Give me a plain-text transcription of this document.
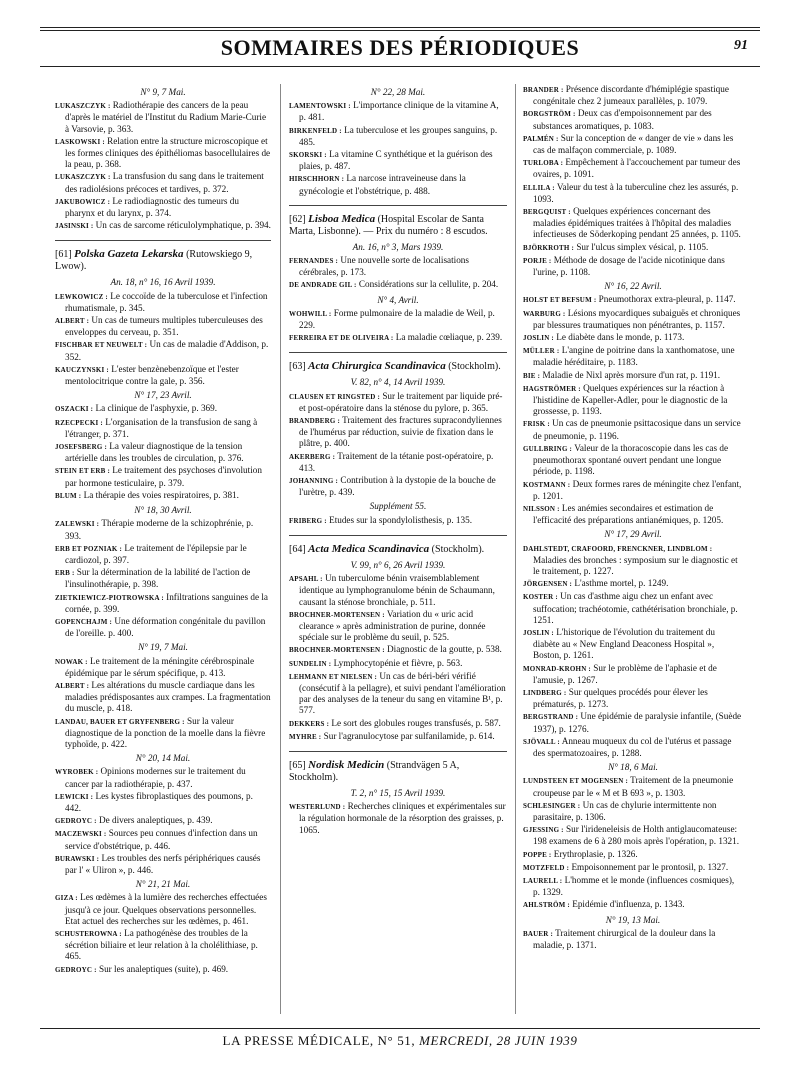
SOMMAIRES DES PÉRIODIQUES	91
N° 9, 7 Mai.
LUKASZCZYK : Radiothérapie des cancers de la peau d'après le matériel de l'Institut du Radium Marie-Curie à Varsovie, p. 363.
LASKOWSKI : Relation entre la structure microscopique et les formes cliniques des épithéliomas basocellulaires de la peau, p. 368.
LUKASZCZYK : La transfusion du sang dans le traitement des radiolésions précoces et tardives, p. 372.
JAKUBOWICZ : Le radiodiagnostic des tumeurs du pharynx et du larynx, p. 374.
JASINSKI : Un cas de sarcome réticulolymphatique, p. 394.
[61] Polska Gazeta Lekarska (Rutowskiego 9, Lwow).
An. 18, n° 16, 16 Avril 1939.
LEWKOWICZ : Le coccoïde de la tuberculose et l'infection rhumatismale, p. 345.
ALBERT : Un cas de tumeurs multiples tuberculeuses des enveloppes du cerveau, p. 351.
FISCHBAR ET NEUWELT : Un cas de maladie d'Addison, p. 352.
KAUCZYNSKI : L'ester benzènebenzoïque et l'ester mentolocitrique contre la gale, p. 356.
N° 17, 23 Avril.
OSZACKI : La clinique de l'asphyxie, p. 369.
RZECPECKI : L'organisation de la transfusion de sang à l'étranger, p. 371.
JOSEFSBERG : La valeur diagnostique de la tension artérielle dans les troubles de circulation, p. 376.
STEIN ET ERB : Le traitement des psychoses d'involution par hormone testiculaire, p. 379.
BLUM : La thérapie des voies respiratoires, p. 381.
N° 18, 30 Avril.
ZALEWSKI : Thérapie moderne de la schizophrénie, p. 393.
ERB ET POZNIAK : Le traitement de l'épilepsie par le cardiozol, p. 397.
ERB : Sur la détermination de la labilité de l'action de l'insulinothérapie, p. 398.
ZIETKIEWICZ-PIOTROWSKA : Infiltrations sanguines de la cornée, p. 399.
GOPENCHAJM : Une déformation congénitale du pavillon de l'oreille. p. 400.
N° 19, 7 Mai.
NOWAK : Le traitement de la méningite cérébrospinale épidémique par le sérum spécifique, p. 413.
ALBERT : Les altérations du muscle cardiaque dans les maladies prédisposantes aux crampes. La fragmentation du muscle, p. 418.
LANDAU, BAUER ET GRYFENBERG : Sur la valeur diagnostique de la ponction de la moelle dans la fièvre typhoïde, p. 422.
N° 20, 14 Mai.
WYROBEK : Opinions modernes sur le traitement du cancer par la radiothérapie, p. 437.
LEWICKI : Les kystes fibroplastiques des poumons, p. 442.
GEDROYC : De divers analeptiques, p. 439.
MACZEWSKI : Sources peu connues d'infection dans un service d'obstétrique, p. 446.
BURAWSKI : Les troubles des nerfs périphériques causés par l' « Uliron », p. 446.
N° 21, 21 Mai.
GIZA : Les œdèmes à la lumière des recherches effectuées jusqu'à ce jour. Quelques observations personnelles. Etat actuel des recherches sur les œdèmes, p. 461.
SCHUSTEROWNA : La pathogénèse des troubles de la sécrétion biliaire et leur relation à la cholélithiase, p. 465.
GEDROYC : Sur les analeptiques (suite), p. 469.
N° 22, 28 Mai.
LAMENTOWSKI : L'importance clinique de la vitamine A, p. 481.
BIRKENFELD : La tuberculose et les groupes sanguins, p. 485.
SKORSKI : La vitamine C synthétique et la guérison des plaies, p. 487.
HIRSCHHORN : La narcose intraveineuse dans la gynécologie et l'obstétrique, p. 488.
[62] Lisboa Medica (Hospital Escolar de Santa Marta, Lisbonne). — Prix du numéro : 8 escudos.
An. 16, n° 3, Mars 1939.
FERNANDES : Une nouvelle sorte de localisations cérébrales, p. 173.
DE ANDRADE GIL : Considérations sur la cellulite, p. 204.
N° 4, Avril.
WOHWILL : Forme pulmonaire de la maladie de Weil, p. 229.
FERREIRA ET DE OLIVEIRA : La maladie cœliaque, p. 239.
[63] Acta Chirurgica Scandinavica (Stockholm).
V. 82, n° 4, 14 Avril 1939.
CLAUSEN ET RINGSTED : Sur le traitement par liquide pré- et post-opératoire dans la sténose du pylore, p. 365.
BRANDBERG : Traitement des fractures supracondyliennes de l'humérus par réduction, suivie de fixation dans le plâtre, p. 400.
AKERBERG : Traitement de la tétanie post-opératoire, p. 413.
JOHANNING : Contribution à la dystopie de la bouche de l'urètre, p. 439.
Supplément 55.
FRIBERG : Etudes sur la spondylolisthesis, p. 135.
[64] Acta Medica Scandinavica (Stockholm).
V. 99, n° 6, 26 Avril 1939.
APSAHL : Un tuberculome bénin vraisemblablement identique au lymphogranulome bénin de Schaumann, causant la sténose bronchiale, p. 511.
BROCHNER-MORTENSEN : Variation du « uric acid clearance » après administration de purine, donnée spéciale sur le problème du seuil, p. 525.
BROCHNER-MORTENSEN : Diagnostic de la goutte, p. 538.
SUNDELIN : Lymphocytopénie et fièvre, p. 563.
LEHMANN ET NIELSEN : Un cas de béri-béri vérifié (consécutif à la pellagre), et suivi pendant l'amélioration par des analyses de la teneur du sang en vitamine B¹, p. 577.
DEKKERS : Le sort des globules rouges transfusés, p. 587.
MYHRE : Sur l'agranulocytose par sulfanilamide, p. 614.
[65] Nordisk Medicin (Strandvägen 5 A, Stockholm).
T. 2, n° 15, 15 Avril 1939.
WESTERLUND : Recherches cliniques et expérimentales sur la régulation hormonale de la résorption des graisses, p. 1065.
BRANDER : Présence discordante d'hémiplégie spastique congénitale chez 2 jumeaux parallèles, p. 1079.
BORGSTRÖM : Deux cas d'empoisonnement par des substances aromatiques, p. 1083.
PALMÉN : Sur la conception de « danger de vie » dans les cas de malfaçon commerciale, p. 1089.
TURLOBA : Empêchement à l'accouchement par tumeur des ovaires, p. 1091.
ELLILA : Valeur du test à la tuberculine chez les assurés, p. 1093.
BERGQUIST : Quelques expériences concernant des maladies épidémiques traitées à l'hôpital des maladies infectieuses de Söderkoping pendant 25 années, p. 1105.
BJÖRKROTH : Sur l'ulcus simplex vésical, p. 1105.
PORJE : Méthode de dosage de l'acide nicotinique dans l'urine, p. 1108.
N° 16, 22 Avril.
HOLST ET BEFSUM : Pneumothorax extra-pleural, p. 1147.
WARBURG : Lésions myocardiques subaiguës et chroniques par blessures traumatiques non pénétrantes, p. 1157.
JOSLIN : Le diabète dans le monde, p. 1173.
MÜLLER : L'angine de poitrine dans la xanthomatose, une maladie héréditaire, p. 1183.
BIE : Maladie de Nixl après morsure d'un rat, p. 1191.
HAGSTRÖMER : Quelques expériences sur la réaction à l'histidine de Kapeller-Adler, pour le diagnostic de la grossesse, p. 1193.
FRISK : Un cas de pneumonie psittacosique dans un service de pneumonie, p. 1196.
GULLBRING : Valeur de la thoracoscopie dans les cas de pneumothorax spontané ouvert pendant une longue période, p. 1198.
KOSTMANN : Deux formes rares de méningite chez l'enfant, p. 1201.
NILSSON : Les anémies secondaires et estimation de l'efficacité des préparations antianémiques, p. 1205.
N° 17, 29 Avril.
DAHLSTEDT, CRAFOORD, FRENCKNER, LINDBLOM : Maladies des bronches : symposium sur le diagnostic et le traitement, p. 1227.
JÖRGENSEN : L'asthme mortel, p. 1249.
KOSTER : Un cas d'asthme aigu chez un enfant avec suffocation; trachéotomie, cathétérisation bronchiale, p. 1251.
JOSLIN : L'historique de l'évolution du traitement du diabète au « New England Deaconess Hospital », Boston, p. 1261.
MONRAD-KROHN : Sur le problème de l'aphasie et de l'amusie, p. 1267.
LINDBERG : Sur quelques procédés pour élever les prématurés, p. 1273.
BERGSTRAND : Une épidémie de paralysie infantile, (Suède 1937), p. 1276.
SJÖVALL : Anneau muqueux du col de l'utérus et passage des spermatozoaires, p. 1288.
N° 18, 6 Mai.
LUNDSTEEN ET MOGENSEN : Traitement de la pneumonie croupeuse par le « M et B 693 », p. 1303.
SCHLESINGER : Un cas de chylurie intermittente non parasitaire, p. 1306.
GJESSING : Sur l'irideneleisis de Holth antiglaucomateuse: 198 examens de 6 à 280 mois après l'opération, p. 1321.
POPPE : Erythroplasie, p. 1326.
MOTZFELD : Empoisonnement par le prontosil, p. 1327.
LAURELL : L'homme et le monde (influences cosmiques), p. 1329.
AHLSTRÖM : Epidémie d'influenza, p. 1343.
N° 19, 13 Mai.
BAUER : Traitement chirurgical de la douleur dans la maladie, p. 1371.
LA PRESSE MÉDICALE, N° 51, MERCREDI, 28 JUIN 1939
